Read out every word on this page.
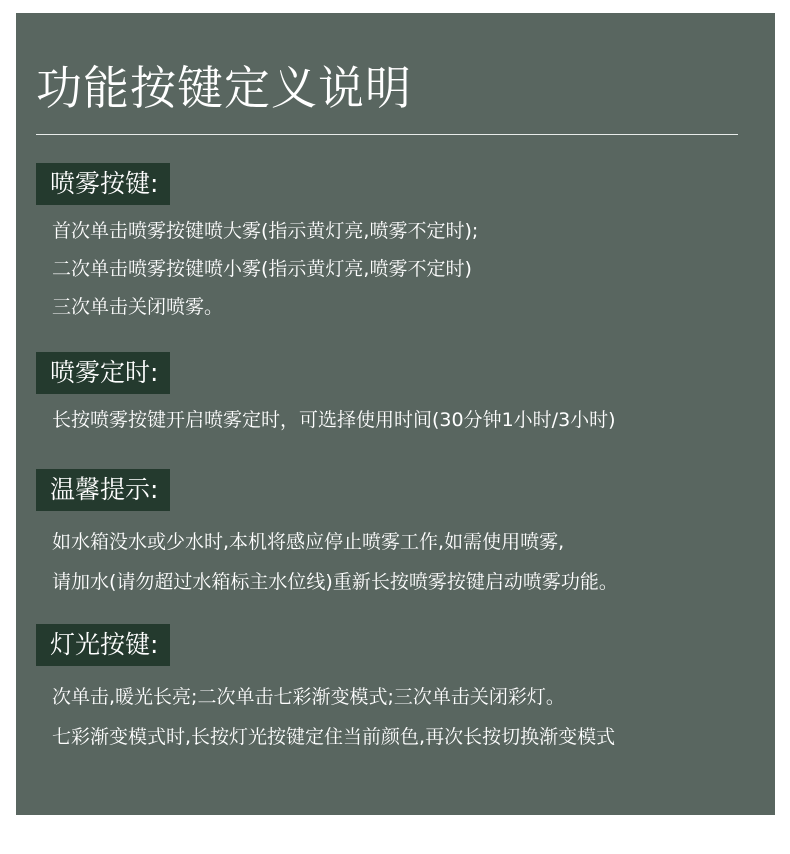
功能按键定义说明
喷雾按键:
首次单击喷雾按键喷大雾(指示黄灯亮,喷雾不定时);
二次单击喷雾按键喷小雾(指示黄灯亮,喷雾不定时)
三次单击关闭喷雾。
喷雾定时:
长按喷雾按键开启喷雾定时，可选择使用时间(30分钟1小时/3小时)
温馨提示:
如水箱没水或少水时,本机将感应停止喷雾工作,如需使用喷雾,
请加水(请勿超过水箱标主水位线)重新长按喷雾按键启动喷雾功能。
灯光按键:
次单击,暖光长亮;二次单击七彩渐变模式;三次单击关闭彩灯。
七彩渐变模式时,长按灯光按键定住当前颜色,再次长按切换渐变模式
